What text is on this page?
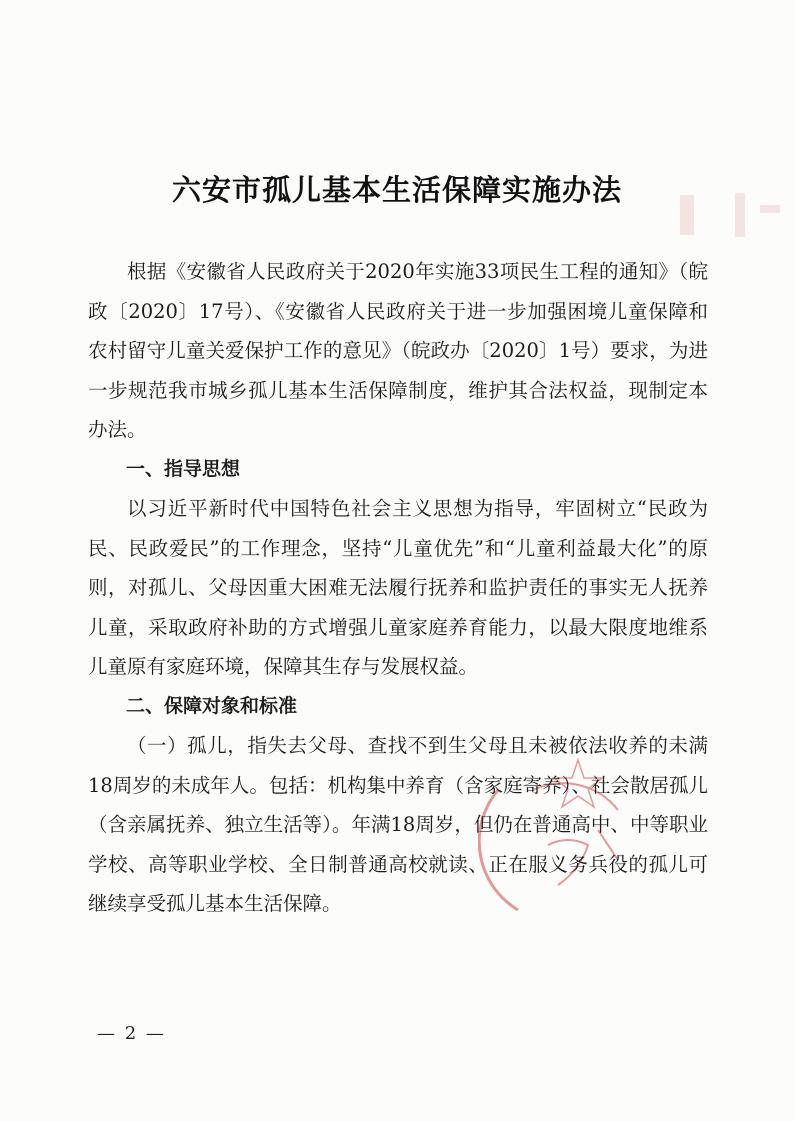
六安市孤儿基本生活保障实施办法

根据《安徽省人民政府关于2020年实施33项民生工程的通知》（皖政〔2020〕17号）、《安徽省人民政府关于进一步加强困境儿童保障和农村留守儿童关爱保护工作的意见》（皖政办〔2020〕1号）要求，为进一步规范我市城乡孤儿基本生活保障制度，维护其合法权益，现制定本办法。

一、指导思想

以习近平新时代中国特色社会主义思想为指导，牢固树立“民政为民、民政爱民”的工作理念，坚持“儿童优先”和“儿童利益最大化”的原则，对孤儿、父母因重大困难无法履行抚养和监护责任的事实无人抚养儿童，采取政府补助的方式增强儿童家庭养育能力，以最大限度地维系儿童原有家庭环境，保障其生存与发展权益。

二、保障对象和标准

（一）孤儿，指失去父母、查找不到生父母且未被依法收养的未满18周岁的未成年人。包括：机构集中养育（含家庭寄养）、社会散居孤儿（含亲属抚养、独立生活等）。年满18周岁，但仍在普通高中、中等职业学校、高等职业学校、全日制普通高校就读、正在服义务兵役的孤儿可继续享受孤儿基本生活保障。

— 2 —
